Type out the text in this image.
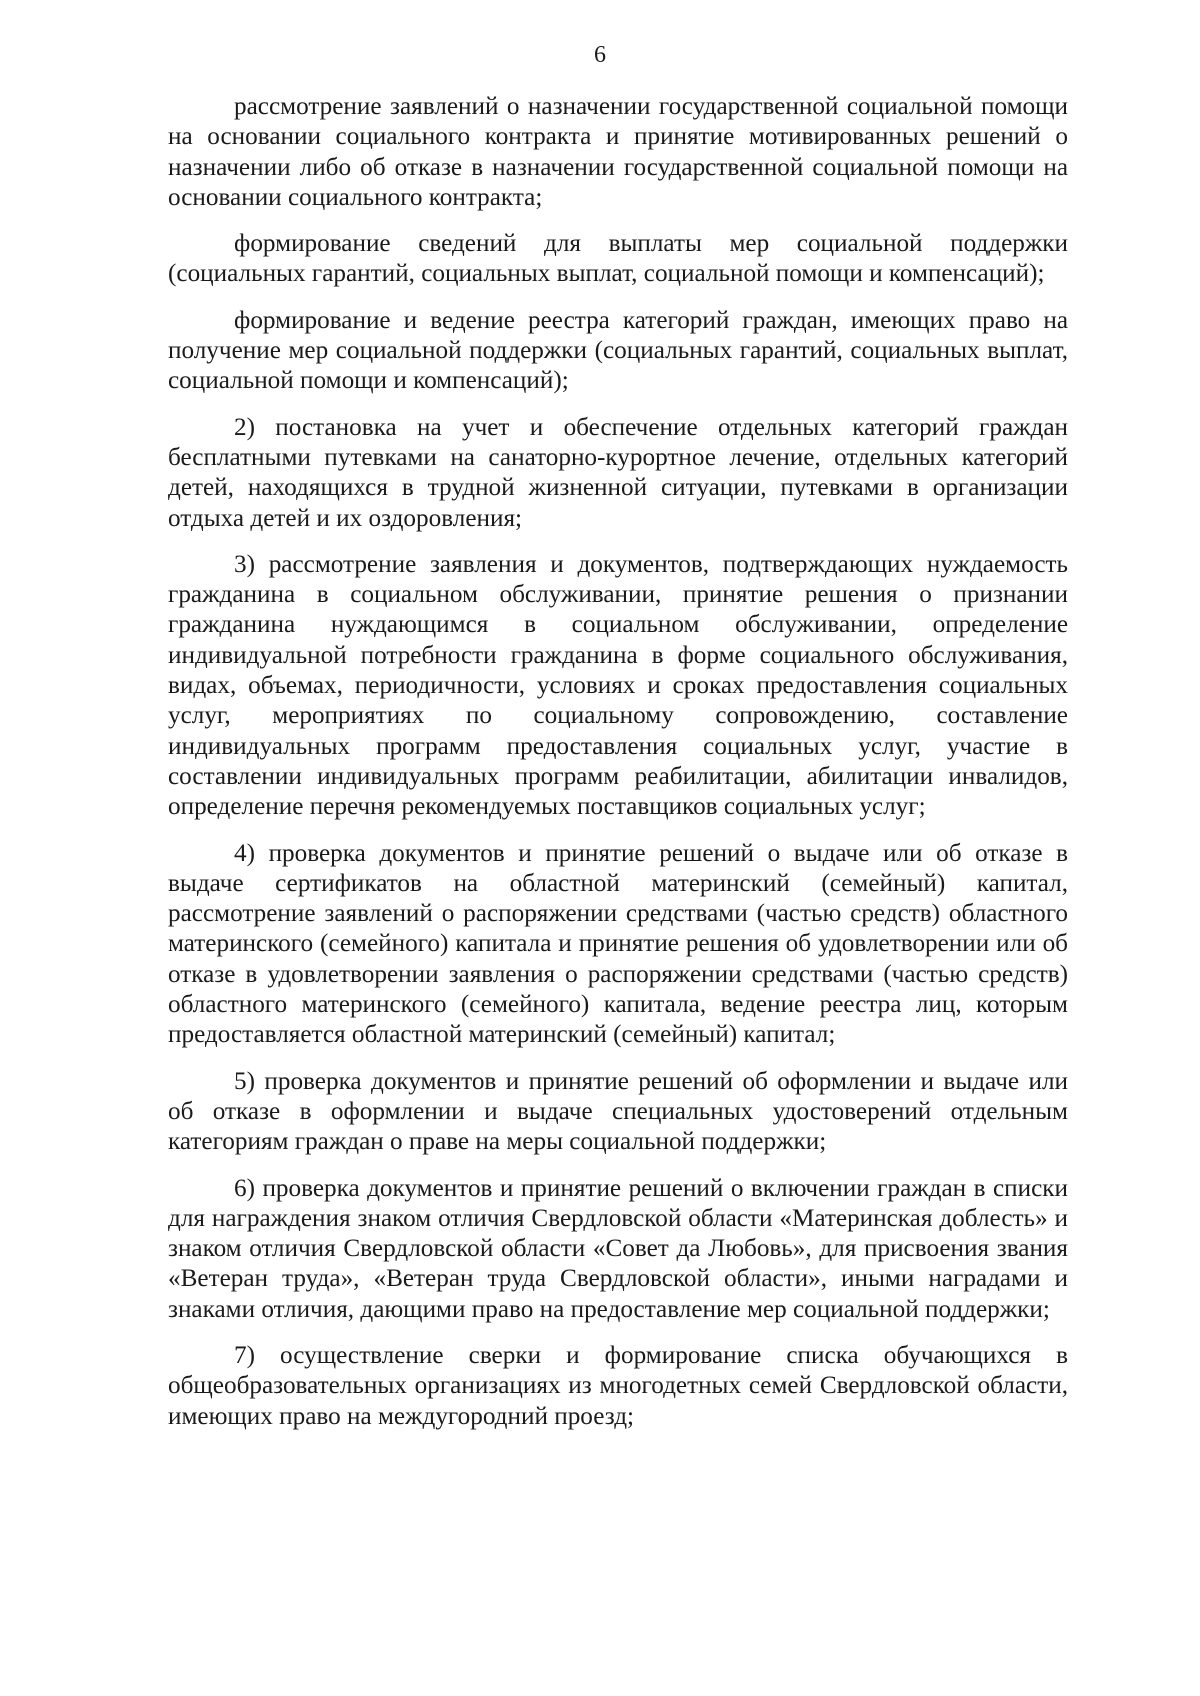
6

рассмотрение заявлений о назначении государственной социальной помощи на основании социального контракта и принятие мотивированных решений о назначении либо об отказе в назначении государственной социальной помощи на основании социального контракта;

формирование сведений для выплаты мер социальной поддержки (социальных гарантий, социальных выплат, социальной помощи и компенсаций);

формирование и ведение реестра категорий граждан, имеющих право на получение мер социальной поддержки (социальных гарантий, социальных выплат, социальной помощи и компенсаций);

2) постановка на учет и обеспечение отдельных категорий граждан бесплатными путевками на санаторно-курортное лечение, отдельных категорий детей, находящихся в трудной жизненной ситуации, путевками в организации отдыха детей и их оздоровления;

3) рассмотрение заявления и документов, подтверждающих нуждаемость гражданина в социальном обслуживании, принятие решения о признании гражданина нуждающимся в социальном обслуживании, определение индивидуальной потребности гражданина в форме социального обслуживания, видах, объемах, периодичности, условиях и сроках предоставления социальных услуг, мероприятиях по социальному сопровождению, составление индивидуальных программ предоставления социальных услуг, участие в составлении индивидуальных программ реабилитации, абилитации инвалидов, определение перечня рекомендуемых поставщиков социальных услуг;

4) проверка документов и принятие решений о выдаче или об отказе в выдаче сертификатов на областной материнский (семейный) капитал, рассмотрение заявлений о распоряжении средствами (частью средств) областного материнского (семейного) капитала и принятие решения об удовлетворении или об отказе в удовлетворении заявления о распоряжении средствами (частью средств) областного материнского (семейного) капитала, ведение реестра лиц, которым предоставляется областной материнский (семейный) капитал;

5) проверка документов и принятие решений об оформлении и выдаче или об отказе в оформлении и выдаче специальных удостоверений отдельным категориям граждан о праве на меры социальной поддержки;

6) проверка документов и принятие решений о включении граждан в списки для награждения знаком отличия Свердловской области «Материнская доблесть» и знаком отличия Свердловской области «Совет да Любовь», для присвоения звания «Ветеран труда», «Ветеран труда Свердловской области», иными наградами и знаками отличия, дающими право на предоставление мер социальной поддержки;

7) осуществление сверки и формирование списка обучающихся в общеобразовательных организациях из многодетных семей Свердловской области, имеющих право на междугородний проезд;
